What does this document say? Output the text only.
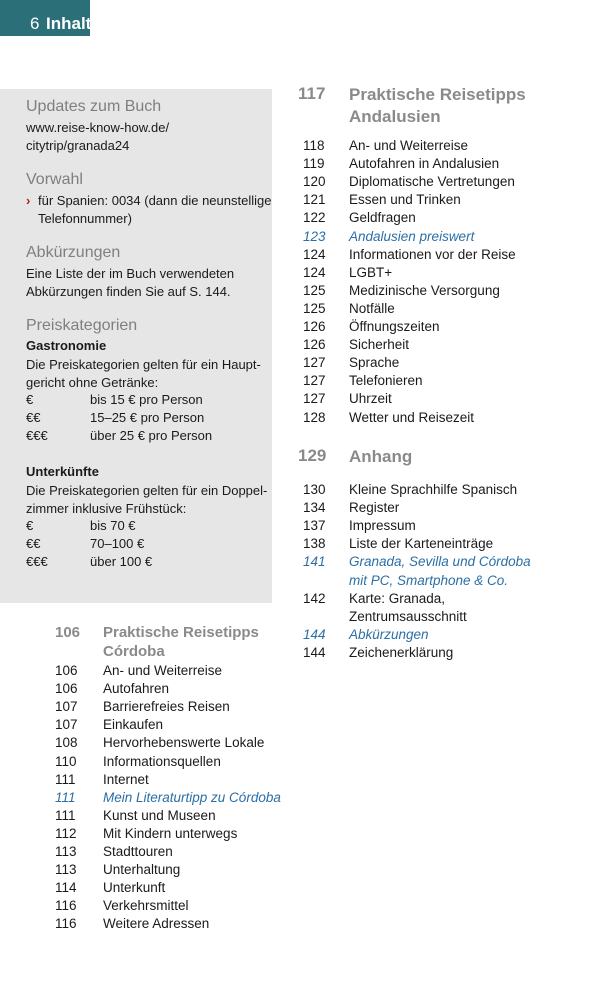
6 Inhalt
Updates zum Buch
www.reise-know-how.de/
citytrip/granada24
Vorwahl
› für Spanien: 0034 (dann die neunstellige
Telefonnummer)
Abkürzungen
Eine Liste der im Buch verwendeten
Abkürzungen finden Sie auf S. 144.
Preiskategorien
Gastronomie
Die Preiskategorien gelten für ein Haupt-
gericht ohne Getränke:
€	bis 15 € pro Person
€€	15–25 € pro Person
€€€	über 25 € pro Person
Unterkünfte
Die Preiskategorien gelten für ein Doppel-
zimmer inklusive Frühstück:
€	bis 70 €
€€	70–100 €
€€€	über 100 €
106 Praktische Reisetipps
Córdoba
106 An- und Weiterreise
106 Autofahren
107 Barrierefreies Reisen
107 Einkaufen
108 Hervorhebenswerte Lokale
110 Informationsquellen
111 Internet
111 Mein Literaturtipp zu Córdoba
111 Kunst und Museen
112 Mit Kindern unterwegs
113 Stadttouren
113 Unterhaltung
114 Unterkunft
116 Verkehrsmittel
116 Weitere Adressen
117 Praktische Reisetipps
Andalusien
118 An- und Weiterreise
119 Autofahren in Andalusien
120 Diplomatische Vertretungen
121 Essen und Trinken
122 Geldfragen
123 Andalusien preiswert
124 Informationen vor der Reise
124 LGBT+
125 Medizinische Versorgung
125 Notfälle
126 Öffnungszeiten
126 Sicherheit
127 Sprache
127 Telefonieren
127 Uhrzeit
128 Wetter und Reisezeit
129 Anhang
130 Kleine Sprachhilfe Spanisch
134 Register
137 Impressum
138 Liste der Karteneinträge
141 Granada, Sevilla und Córdoba
mit PC, Smartphone & Co.
142 Karte: Granada,
Zentrumsausschnitt
144 Abkürzungen
144 Zeichenerklärung
